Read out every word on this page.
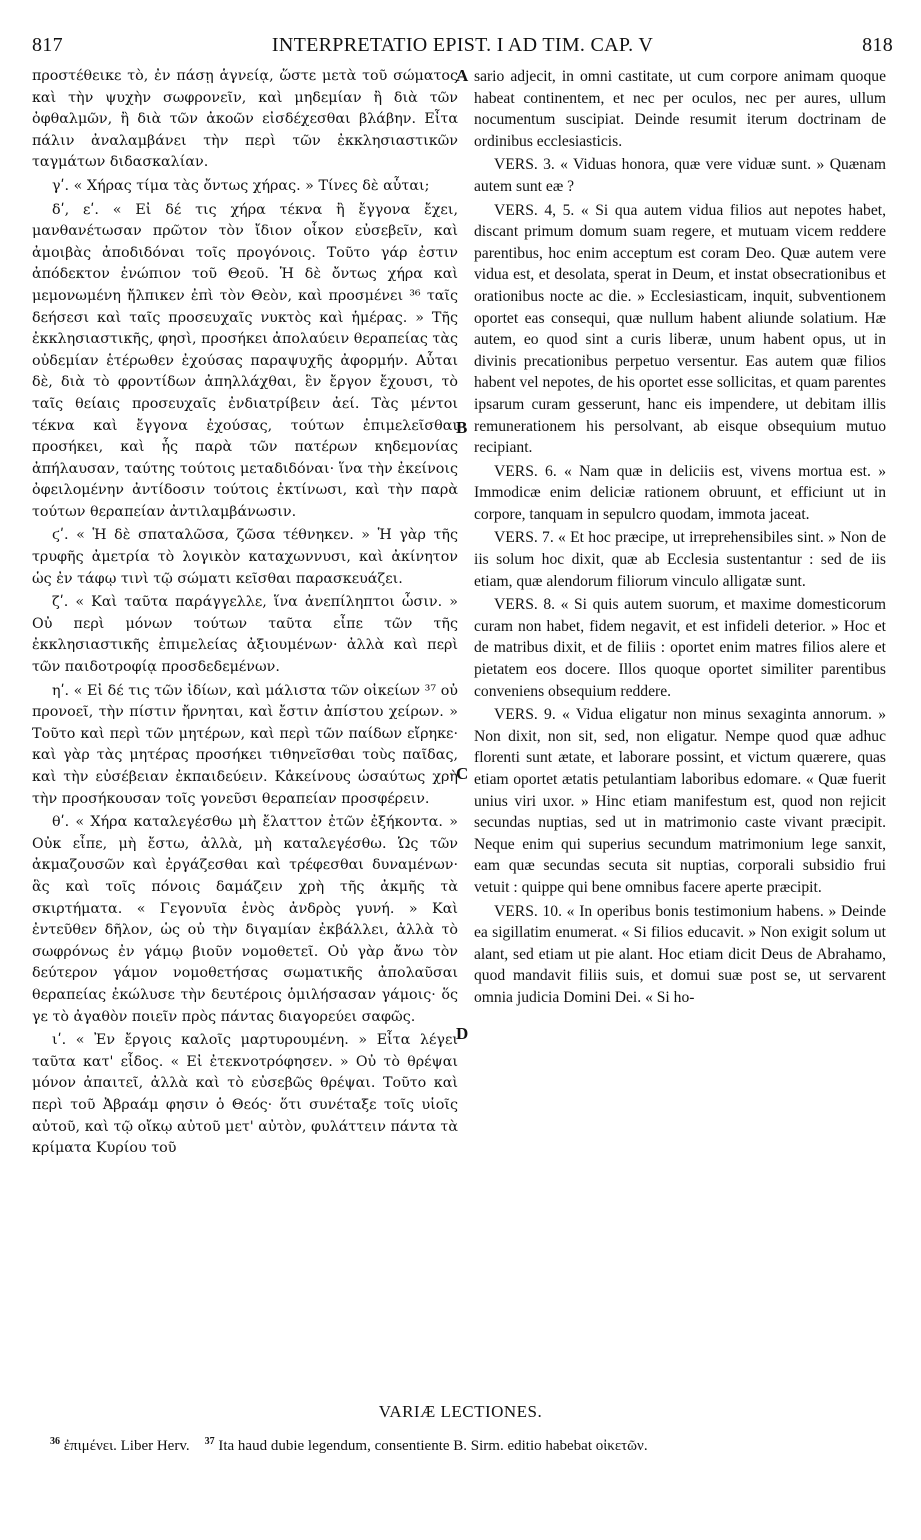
817	INTERPRETATIO EPIST. I AD TIM. CAP. V	818

προστέθεικε τὸ, ἐν πάσῃ ἁγνείᾳ, ὥστε μετὰ τοῦ σώματος καὶ τὴν ψυχὴν σωφρονεῖν, καὶ μηδεμίαν ἢ διὰ τῶν ὀφθαλμῶν, ἢ διὰ τῶν ἀκοῶν εἰσδέχεσθαι βλάβην. Εἶτα πάλιν ἀναλαμβάνει τὴν περὶ τῶν ἐκκλησιαστικῶν ταγμάτων διδασκαλίαν.

γʹ. « Χήρας τίμα τὰς ὄντως χήρας. » Τίνες δὲ αὗται;

δʹ, εʹ. « Εἰ δέ τις χήρα τέκνα ἢ ἔγγονα ἔχει, μανθανέτωσαν πρῶτον τὸν ἴδιον οἶκον εὐσεβεῖν, καὶ ἀμοιβὰς ἀποδιδόναι τοῖς προγόνοις. Τοῦτο γάρ ἐστιν ἀπόδεκτον ἐνώπιον τοῦ Θεοῦ. Ἡ δὲ ὄντως χήρα καὶ μεμονωμένη ἤλπικεν ἐπὶ τὸν Θεὸν, καὶ προσμένει ³⁶ ταῖς δεήσεσι καὶ ταῖς προσευχαῖς νυκτὸς καὶ ἡμέρας. » Τῆς ἐκκλησιαστικῆς, φησὶ, προσήκει ἀπολαύειν θεραπείας τὰς οὐδεμίαν ἑτέρωθεν ἐχούσας παραψυχῆς ἀφορμήν. Αὗται δὲ, διὰ τὸ φροντίδων ἀπηλλάχθαι, ἓν ἔργον ἔχουσι, τὸ ταῖς θείαις προσευχαῖς ἐνδιατρίβειν ἀεί. Τὰς μέντοι τέκνα καὶ ἔγγονα ἐχούσας, τούτων ἐπιμελεῖσθαι προσήκει, καὶ ἧς παρὰ τῶν πατέρων κηδεμονίας ἀπήλαυσαν, ταύτης τούτοις μεταδιδόναι· ἵνα τὴν ἐκείνοις ὀφειλομένην ἀντίδοσιν τούτοις ἐκτίνωσι, καὶ τὴν παρὰ τούτων θεραπείαν ἀντιλαμβάνωσιν.

ϛʹ. « Ἡ δὲ σπαταλῶσα, ζῶσα τέθνηκεν. » Ἡ γὰρ τῆς τρυφῆς ἀμετρία τὸ λογικὸν καταχωννυσι, καὶ ἀκίνητον ὡς ἐν τάφῳ τινὶ τῷ σώματι κεῖσθαι παρασκευάζει.

ζʹ. « Καὶ ταῦτα παράγγελλε, ἵνα ἀνεπίληπτοι ὦσιν. » Οὐ περὶ μόνων τούτων ταῦτα εἶπε τῶν τῆς ἐκκλησιαστικῆς ἐπιμελείας ἀξιουμένων· ἀλλὰ καὶ περὶ τῶν παιδοτροφίᾳ προσδεδεμένων.

ηʹ. « Εἰ δέ τις τῶν ἰδίων, καὶ μάλιστα τῶν οἰκείων ³⁷ οὐ προνοεῖ, τὴν πίστιν ἤρνηται, καὶ ἔστιν ἀπίστου χείρων. » Τοῦτο καὶ περὶ τῶν μητέρων, καὶ περὶ τῶν παίδων εἴρηκε· καὶ γὰρ τὰς μητέρας προσήκει τιθηνεῖσθαι τοὺς παῖδας, καὶ τὴν εὐσέβειαν ἐκπαιδεύειν. Κἀκείνους ὡσαύτως χρὴ τὴν προσήκουσαν τοῖς γονεῦσι θεραπείαν προσφέρειν.

θʹ. « Χήρα καταλεγέσθω μὴ ἔλαττον ἐτῶν ἐξήκοντα. » Οὐκ εἶπε, μὴ ἔστω, ἀλλὰ, μὴ καταλεγέσθω. Ὡς τῶν ἀκμαζουσῶν καὶ ἐργάζεσθαι καὶ τρέφεσθαι δυναμένων· ἃς καὶ τοῖς πόνοις δαμάζειν χρὴ τῆς ἀκμῆς τὰ σκιρτήματα. « Γεγονυῖα ἑνὸς ἀνδρὸς γυνή. » Καὶ ἐντεῦθεν δῆλον, ὡς οὐ τὴν διγαμίαν ἐκβάλλει, ἀλλὰ τὸ σωφρόνως ἐν γάμῳ βιοῦν νομοθετεῖ. Οὐ γὰρ ἄνω τὸν δεύτερον γάμον νομοθετήσας σωματικῆς ἀπολαῦσαι θεραπείας ἐκώλυσε τὴν δευτέροις ὁμιλήσασαν γάμοις· ὅς γε τὸ ἀγαθὸν ποιεῖν πρὸς πάντας διαγορεύει σαφῶς.

ιʹ. « Ἐν ἔργοις καλοῖς μαρτυρουμένη. » Εἶτα λέγει ταῦτα κατ' εἶδος. « Εἰ ἐτεκνοτρόφησεν. » Οὐ τὸ θρέψαι μόνον ἀπαιτεῖ, ἀλλὰ καὶ τὸ εὐσεβῶς θρέψαι. Τοῦτο καὶ περὶ τοῦ Ἀβραάμ φησιν ὁ Θεός· ὅτι συνέταξε τοῖς υἱοῖς αὐτοῦ, καὶ τῷ οἴκῳ αὐτοῦ μετ' αὐτὸν, φυλάττειν πάντα τὰ κρίματα Κυρίου τοῦ

sario adjecit, in omni castitate, ut cum corpore animam quoque habeat continentem, et nec per oculos, nec per aures, ullum nocumentum suscipiat. Deinde resumit iterum doctrinam de ordinibus ecclesiasticis.

VERS. 3. « Viduas honora, quæ vere viduæ sunt. » Quænam autem sunt eæ ?

VERS. 4, 5. « Si qua autem vidua filios aut nepotes habet, discant primum domum suam regere, et mutuam vicem reddere parentibus, hoc enim acceptum est coram Deo. Quæ autem vere vidua est, et desolata, sperat in Deum, et instat obsecrationibus et orationibus nocte ac die. » Ecclesiasticam, inquit, subventionem oportet eas consequi, quæ nullum habent aliunde solatium. Hæ autem, eo quod sint a curis liberæ, unum habent opus, ut in divinis precationibus perpetuo versentur. Eas autem quæ filios habent vel nepotes, de his oportet esse sollicitas, et quam parentes ipsarum curam gesserunt, hanc eis impendere, ut debitam illis remunerationem his persolvant, ab eisque obsequium mutuo recipiant.

VERS. 6. « Nam quæ in deliciis est, vivens mortua est. » Immodicæ enim deliciæ rationem obruunt, et efficiunt ut in corpore, tanquam in sepulcro quodam, immota jaceat.

VERS. 7. « Et hoc præcipe, ut irreprehensibiles sint. » Non de iis solum hoc dixit, quæ ab Ecclesia sustentantur : sed de iis etiam, quæ alendorum filiorum vinculo alligatæ sunt.

VERS. 8. « Si quis autem suorum, et maxime domesticorum curam non habet, fidem negavit, et est infideli deterior. » Hoc et de matribus dixit, et de filiis : oportet enim matres filios alere et pietatem eos docere. Illos quoque oportet similiter parentibus conveniens obsequium reddere.

VERS. 9. « Vidua eligatur non minus sexaginta annorum. » Non dixit, non sit, sed, non eligatur. Nempe quod quæ adhuc florenti sunt ætate, et laborare possint, et victum quærere, quas etiam oportet ætatis petulantiam laboribus edomare. « Quæ fuerit unius viri uxor. » Hinc etiam manifestum est, quod non rejicit secundas nuptias, sed ut in matrimonio caste vivant præcipit. Neque enim qui superius secundum matrimonium lege sanxit, eam quæ secundas secuta sit nuptias, corporali subsidio frui vetuit : quippe qui bene omnibus facere aperte præcipit.

VERS. 10. « In operibus bonis testimonium habens. » Deinde ea sigillatim enumerat. « Si filios educavit. » Non exigit solum ut alant, sed etiam ut pie alant. Hoc etiam dicit Deus de Abrahamo, quod mandavit filiis suis, et domui suæ post se, ut servarent omnia judicia Domini Dei. « Si ho-

A
B
C
D
VARIÆ LECTIONES.
$^{36}$ ἐπιμένει. Liber Herv. $^{37}$ Ita haud dubie legendum, consentiente B. Sirm. editio habebat οἰκετῶν.
